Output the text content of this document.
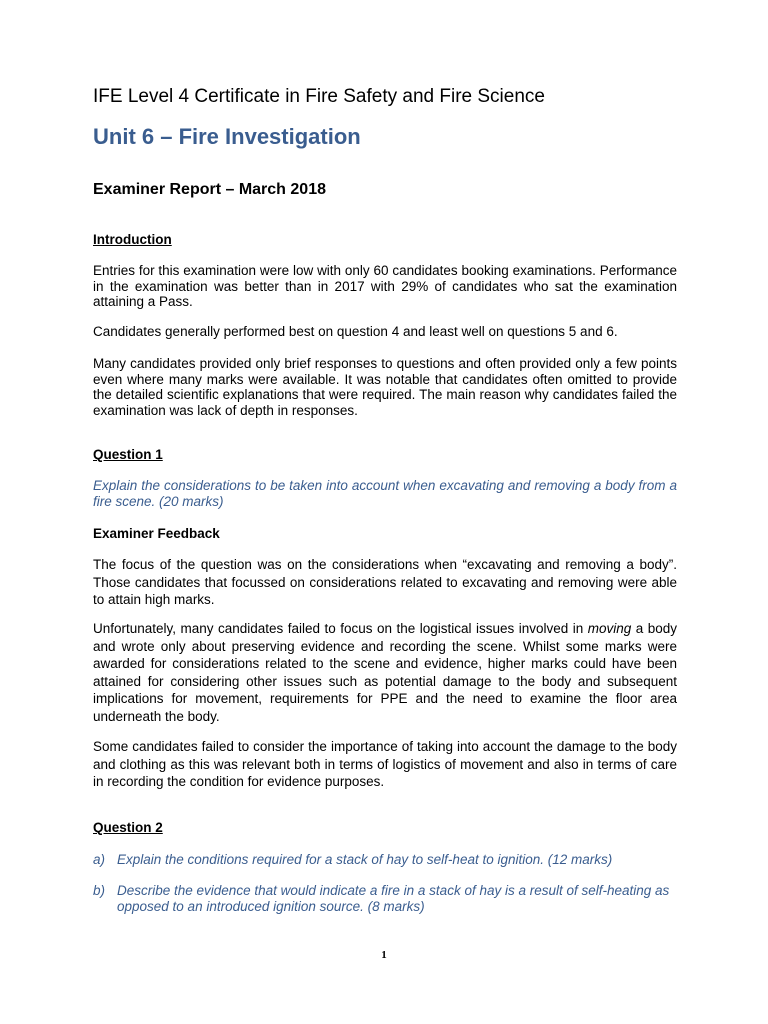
IFE Level 4 Certificate in Fire Safety and Fire Science
Unit 6 – Fire Investigation
Examiner Report – March 2018
Introduction

Entries for this examination were low with only 60 candidates booking examinations. Performance in the examination was better than in 2017 with 29% of candidates who sat the examination attaining a Pass.

Candidates generally performed best on question 4 and least well on questions 5 and 6.

Many candidates provided only brief responses to questions and often provided only a few points even where many marks were available. It was notable that candidates often omitted to provide the detailed scientific explanations that were required. The main reason why candidates failed the examination was lack of depth in responses.

Question 1

Explain the considerations to be taken into account when excavating and removing a body from a fire scene. (20 marks)

Examiner Feedback

The focus of the question was on the considerations when “excavating and removing a body”. Those candidates that focussed on considerations related to excavating and removing were able to attain high marks.

Unfortunately, many candidates failed to focus on the logistical issues involved in moving a body and wrote only about preserving evidence and recording the scene. Whilst some marks were awarded for considerations related to the scene and evidence, higher marks could have been attained for considering other issues such as potential damage to the body and subsequent implications for movement, requirements for PPE and the need to examine the floor area underneath the body.

Some candidates failed to consider the importance of taking into account the damage to the body and clothing as this was relevant both in terms of logistics of movement and also in terms of care in recording the condition for evidence purposes.

Question 2
a) Explain the conditions required for a stack of hay to self-heat to ignition. (12 marks)
b) Describe the evidence that would indicate a fire in a stack of hay is a result of self-heating as opposed to an introduced ignition source. (8 marks)
1
